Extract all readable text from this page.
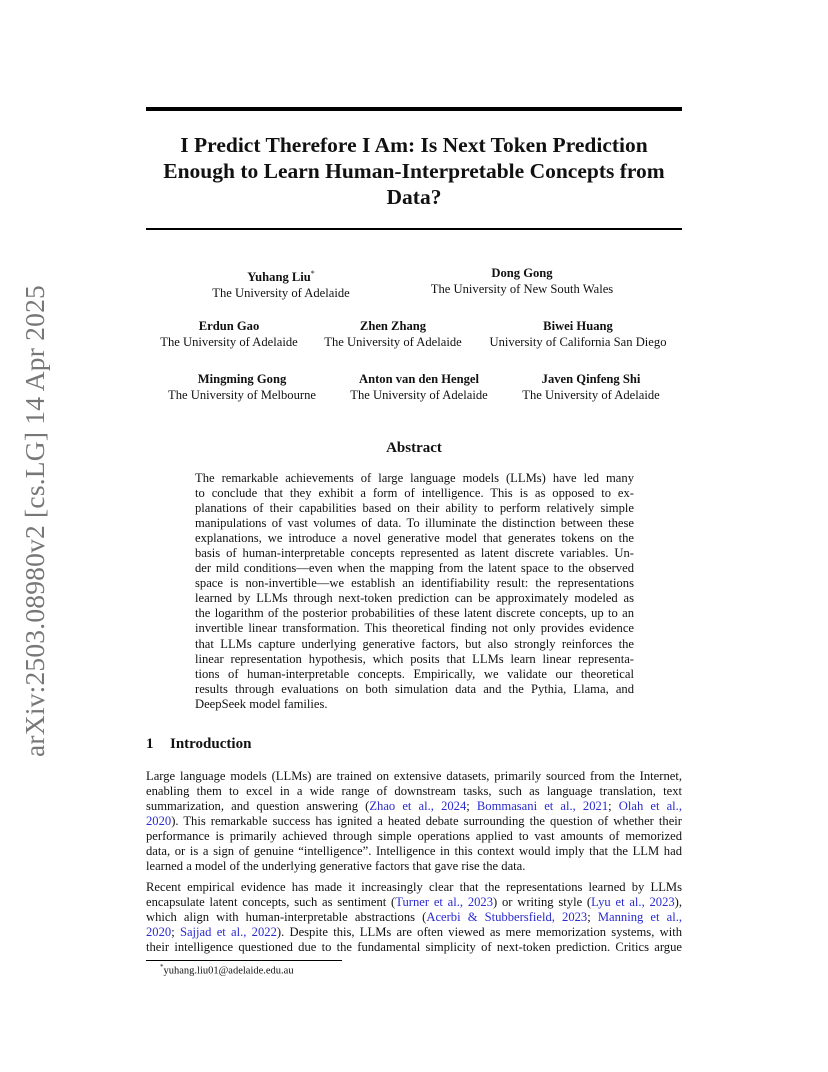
arXiv:2503.08980v2 [cs.LG] 14 Apr 2025
I Predict Therefore I Am: Is Next Token Prediction
Enough to Learn Human-Interpretable Concepts from
Data?
Yuhang Liu*
The University of Adelaide
Dong Gong
The University of New South Wales
Erdun Gao
The University of Adelaide
Zhen Zhang
The University of Adelaide
Biwei Huang
University of California San Diego
Mingming Gong
The University of Melbourne
Anton van den Hengel
The University of Adelaide
Javen Qinfeng Shi
The University of Adelaide
Abstract
The remarkable achievements of large language models (LLMs) have led many
to conclude that they exhibit a form of intelligence. This is as opposed to ex-
planations of their capabilities based on their ability to perform relatively simple
manipulations of vast volumes of data. To illuminate the distinction between these
explanations, we introduce a novel generative model that generates tokens on the
basis of human-interpretable concepts represented as latent discrete variables. Un-
der mild conditions—even when the mapping from the latent space to the observed
space is non-invertible—we establish an identifiability result: the representations
learned by LLMs through next-token prediction can be approximately modeled as
the logarithm of the posterior probabilities of these latent discrete concepts, up to an
invertible linear transformation. This theoretical finding not only provides evidence
that LLMs capture underlying generative factors, but also strongly reinforces the
linear representation hypothesis, which posits that LLMs learn linear representa-
tions of human-interpretable concepts. Empirically, we validate our theoretical
results through evaluations on both simulation data and the Pythia, Llama, and
DeepSeek model families.
1 Introduction
Large language models (LLMs) are trained on extensive datasets, primarily sourced from the Internet,
enabling them to excel in a wide range of downstream tasks, such as language translation, text
summarization, and question answering (Zhao et al., 2024; Bommasani et al., 2021; Olah et al.,
2020). This remarkable success has ignited a heated debate surrounding the question of whether their
performance is primarily achieved through simple operations applied to vast amounts of memorized
data, or is a sign of genuine “intelligence”. Intelligence in this context would imply that the LLM had
learned a model of the underlying generative factors that gave rise the data.
Recent empirical evidence has made it increasingly clear that the representations learned by LLMs
encapsulate latent concepts, such as sentiment (Turner et al., 2023) or writing style (Lyu et al., 2023),
which align with human-interpretable abstractions (Acerbi & Stubbersfield, 2023; Manning et al.,
2020; Sajjad et al., 2022). Despite this, LLMs are often viewed as mere memorization systems, with
their intelligence questioned due to the fundamental simplicity of next-token prediction. Critics argue

*yuhang.liu01@adelaide.edu.au
